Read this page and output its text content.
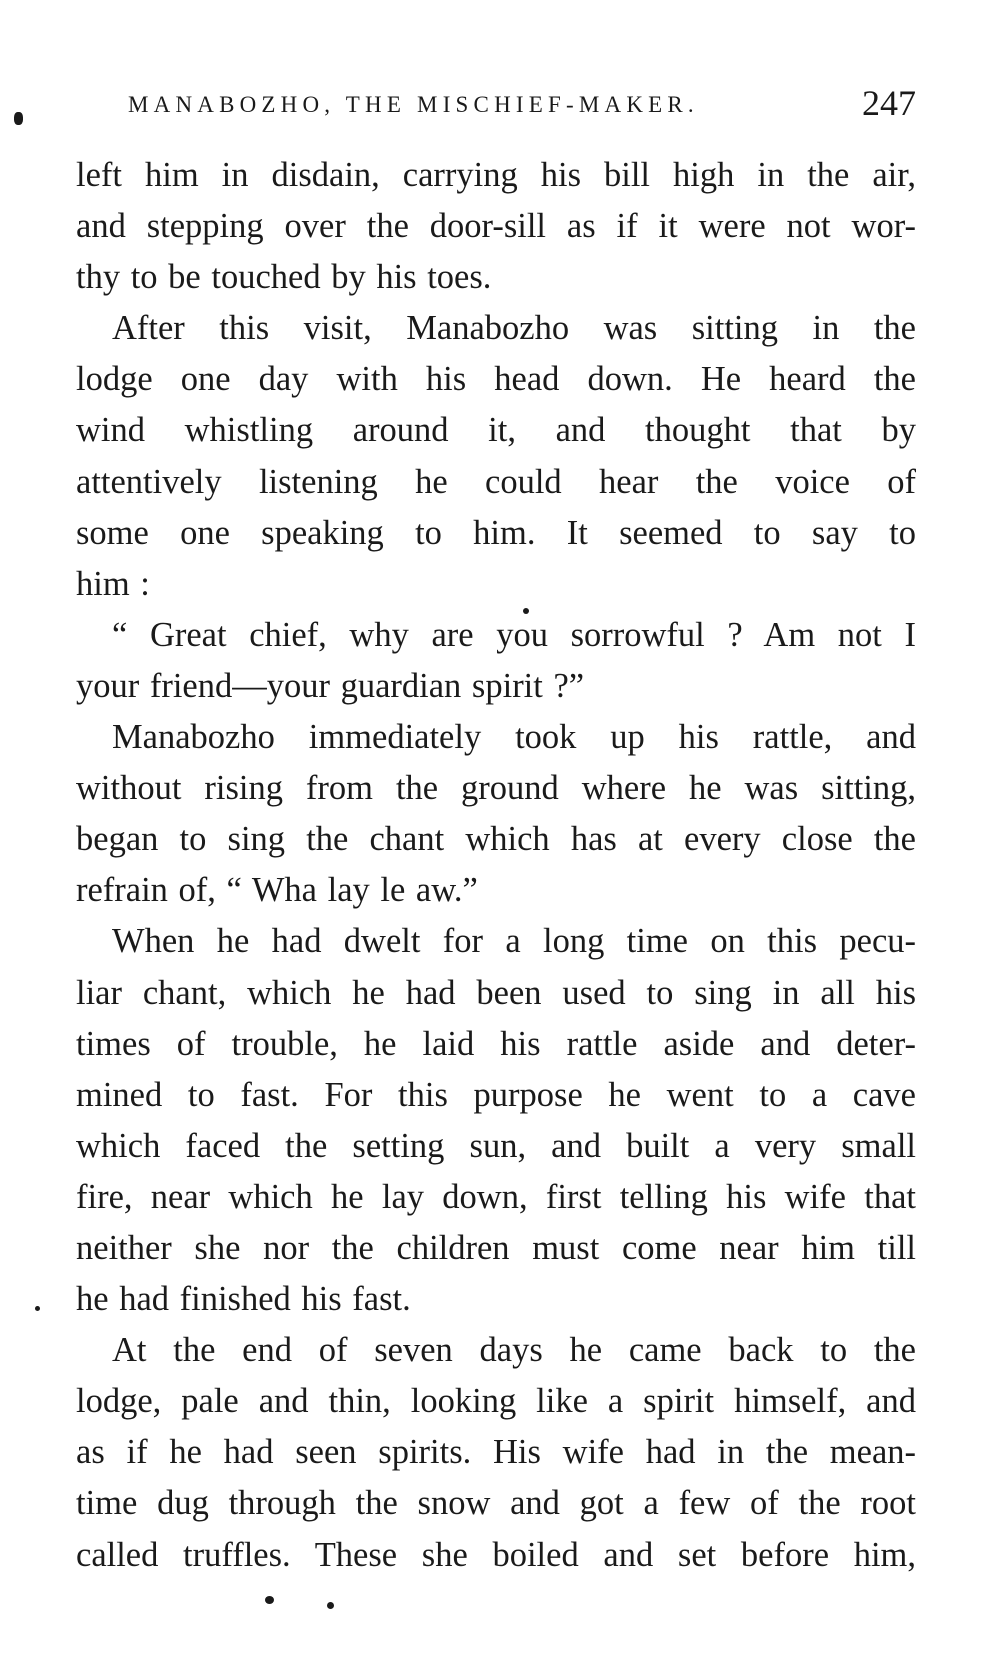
MANABOZHO, THE MISCHIEF-MAKER.	247
left him in disdain, carrying his bill high in the air,
and stepping over the door-sill as if it were not wor-
thy to be touched by his toes.
After this visit, Manabozho was sitting in the
lodge one day with his head down. He heard the
wind whistling around it, and thought that by
attentively listening he could hear the voice of
some one speaking to him. It seemed to say to
him :
“ Great chief, why are you sorrowful ? Am not I
your friend—your guardian spirit ?”
Manabozho immediately took up his rattle, and
without rising from the ground where he was sitting,
began to sing the chant which has at every close the
refrain of, “ Wha lay le aw.”
When he had dwelt for a long time on this pecu-
liar chant, which he had been used to sing in all his
times of trouble, he laid his rattle aside and deter-
mined to fast. For this purpose he went to a cave
which faced the setting sun, and built a very small
fire, near which he lay down, first telling his wife that
neither she nor the children must come near him till
he had finished his fast.
At the end of seven days he came back to the
lodge, pale and thin, looking like a spirit himself, and
as if he had seen spirits. His wife had in the mean-
time dug through the snow and got a few of the root
called truffles. These she boiled and set before him,
